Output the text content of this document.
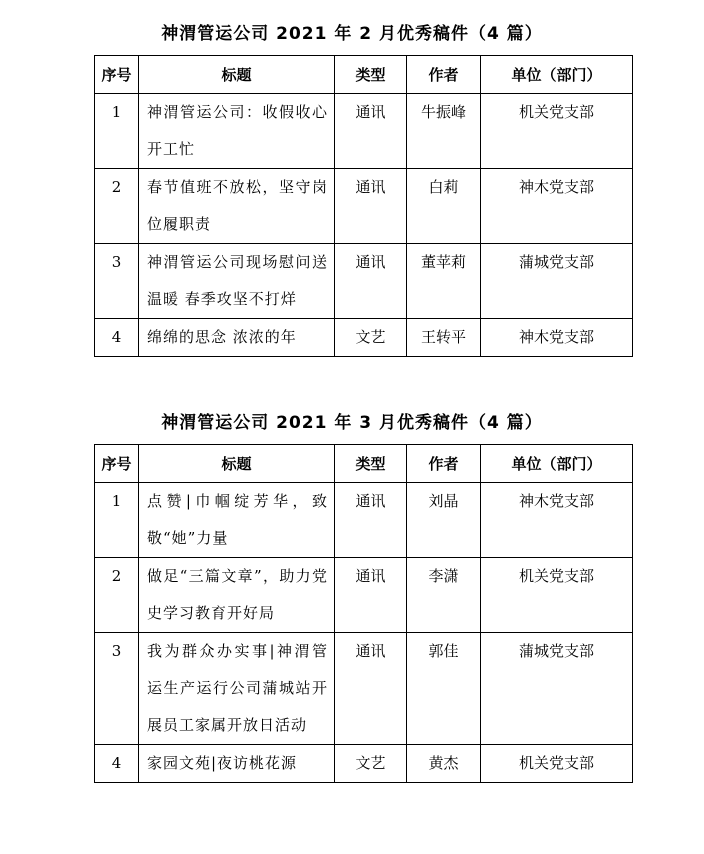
神渭管运公司 2021 年 2 月优秀稿件（4 篇）
序号	标题	类型	作者	单位（部门）
1	神渭管运公司：收假收心开工忙	通讯	牛振峰	机关党支部
2	春节值班不放松，坚守岗位履职责	通讯	白莉	神木党支部
3	神渭管运公司现场慰问送温暖 春季攻坚不打烊	通讯	董苹莉	蒲城党支部
4	绵绵的思念 浓浓的年	文艺	王转平	神木党支部
神渭管运公司 2021 年 3 月优秀稿件（4 篇）
序号	标题	类型	作者	单位（部门）
1	点赞|巾帼绽芳华，致敬“她”力量	通讯	刘晶	神木党支部
2	做足“三篇文章”，助力党史学习教育开好局	通讯	李潇	机关党支部
3	我为群众办实事|神渭管运生产运行公司蒲城站开展员工家属开放日活动	通讯	郭佳	蒲城党支部
4	家园文苑|夜访桃花源	文艺	黄杰	机关党支部
